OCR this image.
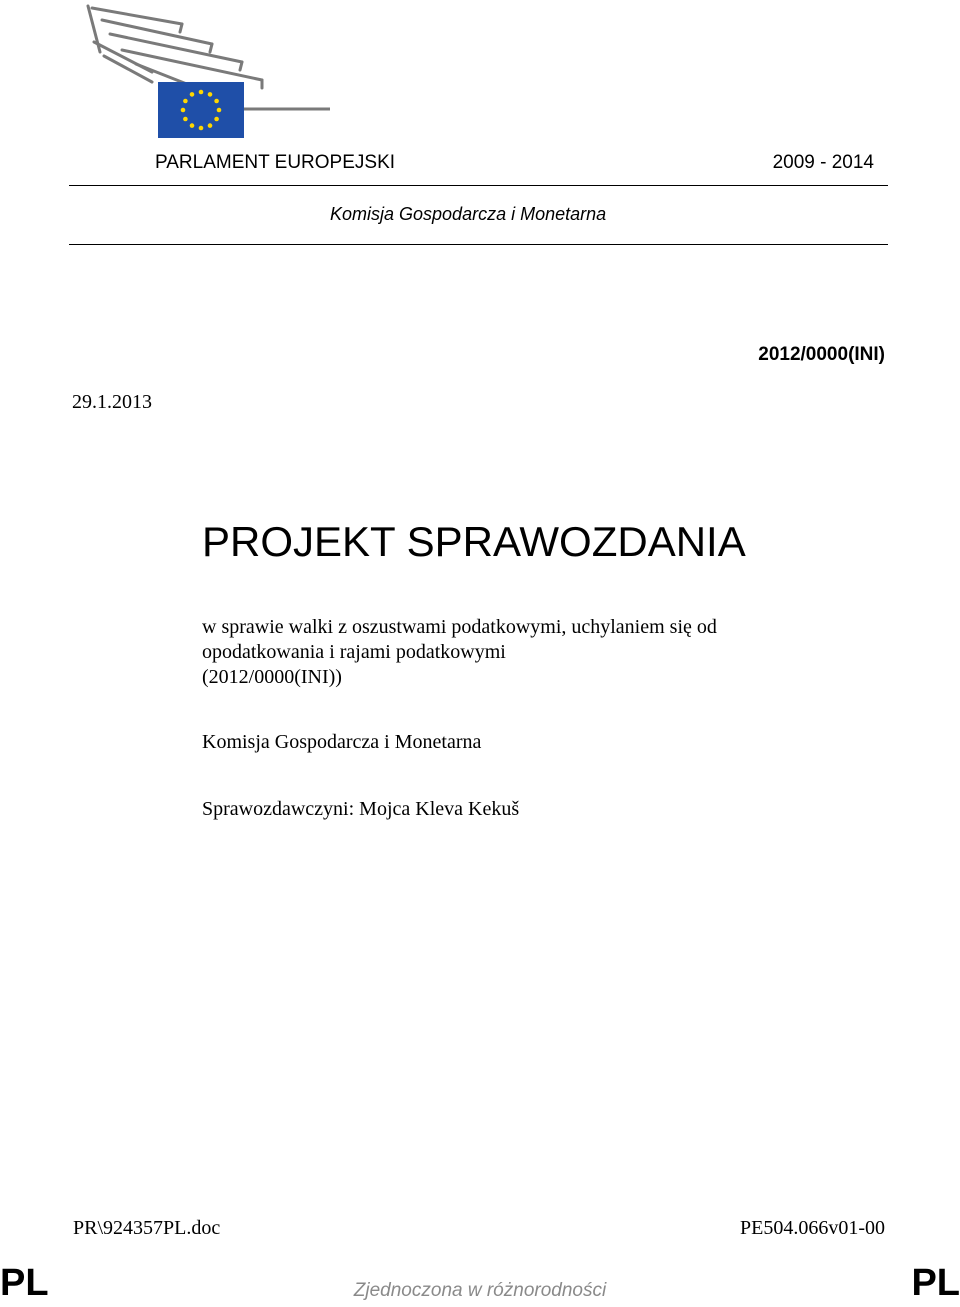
PARLAMENT EUROPEJSKI	2009 - 2014
Komisja Gospodarcza i Monetarna
2012/0000(INI)
29.1.2013
PROJEKT SPRAWOZDANIA
w sprawie walki z oszustwami podatkowymi, uchylaniem się od
opodatkowania i rajami podatkowymi
(2012/0000(INI))
Komisja Gospodarcza i Monetarna
Sprawozdawczyni: Mojca Kleva Kekuš
PR\924357PL.doc	PE504.066v01-00
PL	PL
Zjednoczona w różnorodności
